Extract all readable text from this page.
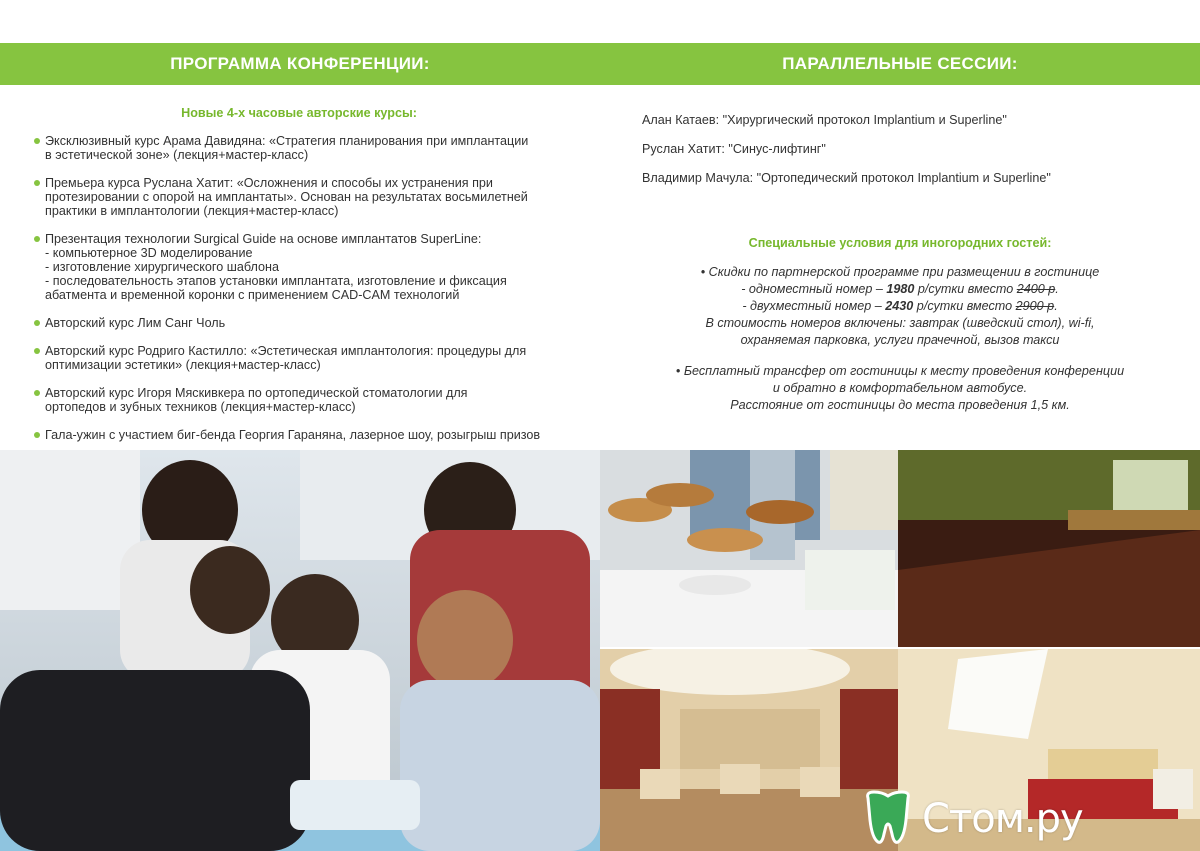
ПРОГРАММА КОНФЕРЕНЦИИ:	ПАРАЛЛЕЛЬНЫЕ СЕССИИ:
Новые 4-х часовые авторские курсы:
Эксклюзивный курс Арама Давидяна: «Стратегия планирования при имплантации
в эстетической зоне» (лекция+мастер-класс)
Премьера курса Руслана Хатит: «Осложнения и способы их устранения при
протезировании с опорой на имплантаты». Основан на результатах восьмилетней
практики в имплантологии (лекция+мастер-класс)
Презентация технологии Surgical Guide на основе имплантатов SuperLine:
- компьютерное 3D моделирование
- изготовление хирургического шаблона
- последовательность этапов установки имплантата, изготовление и фиксация
абатмента и временной коронки с применением CAD-CAM технологий
Авторский курс Лим Санг Чоль
Авторский курс Родриго Кастилло: «Эстетическая имплантология: процедуры для
оптимизации эстетики» (лекция+мастер-класс)
Авторский курс Игоря Мяскивкера по ортопедической стоматологии для
ортопедов и зубных техников (лекция+мастер-класс)
Гала-ужин с участием биг-бенда Георгия Гараняна, лазерное шоу, розыгрыш призов
Алан Катаев: "Хирургический протокол Implantium и Superline"
Руслан Хатит: "Синус-лифтинг"
Владимир Мачула: "Ортопедический протокол Implantium и Superline"
Специальные условия для иногородних гостей:
• Скидки по партнерской программе при размещении в гостинице
- одноместный номер – 1980 р/сутки вместо 2400 р.
- двухместный номер – 2430 р/сутки вместо 2900 р.
В стоимость номеров включены: завтрак (шведский стол), wi-fi,
охраняемая парковка, услуги прачечной, вызов такси
• Бесплатный трансфер от гостиницы к месту проведения конференции
и обратно в комфортабельном автобусе.
Расстояние от гостиницы до места проведения 1,5 км.
Стом.ру
